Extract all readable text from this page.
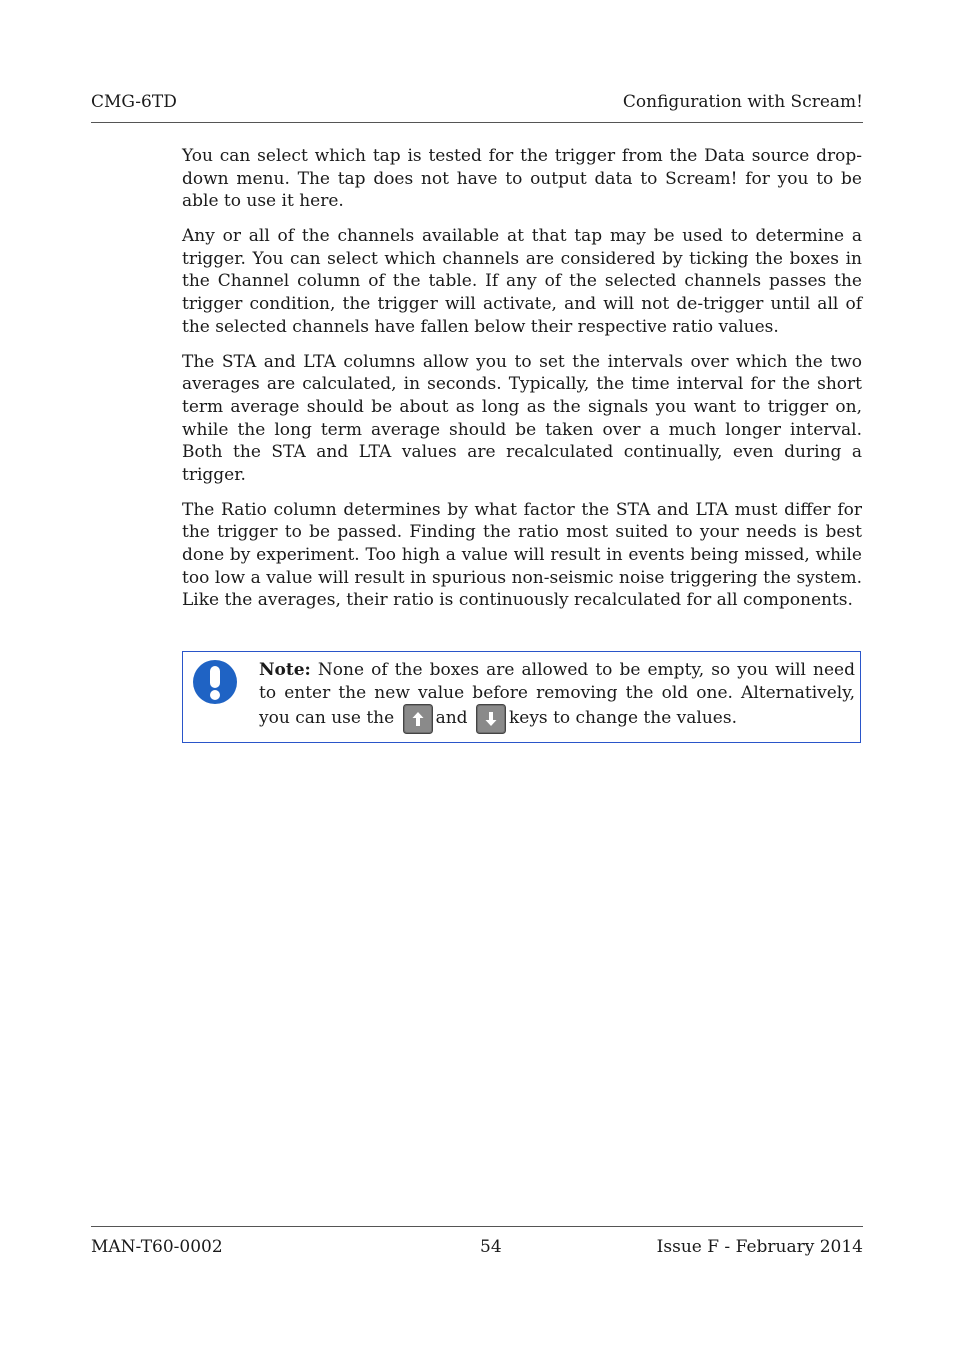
CMG-6TD	Configuration with Scream!

You can select which tap is tested for the trigger from the Data source drop-down menu. The tap does not have to output data to Scream! for you to be able to use it here.

Any or all of the channels available at that tap may be used to determine a trigger. You can select which channels are considered by ticking the boxes in the Channel column of the table. If any of the selected channels passes the trigger condition, the trigger will activate, and will not de-trigger until all of the selected channels have fallen below their respective ratio values.

The STA and LTA columns allow you to set the intervals over which the two averages are calculated, in seconds. Typically, the time interval for the short term average should be about as long as the signals you want to trigger on, while the long term average should be taken over a much longer interval. Both the STA and LTA values are recalculated continually, even during a trigger.

The Ratio column determines by what factor the STA and LTA must differ for the trigger to be passed. Finding the ratio most suited to your needs is best done by experiment. Too high a value will result in events being missed, while too low a value will result in spurious non-seismic noise triggering the system. Like the averages, their ratio is continuously recalculated for all components.

Note: None of the boxes are allowed to be empty, so you will need to enter the new value before removing the old one. Alternatively, you can use the and keys to change the values.
MAN-T60-0002	54	Issue F - February 2014
